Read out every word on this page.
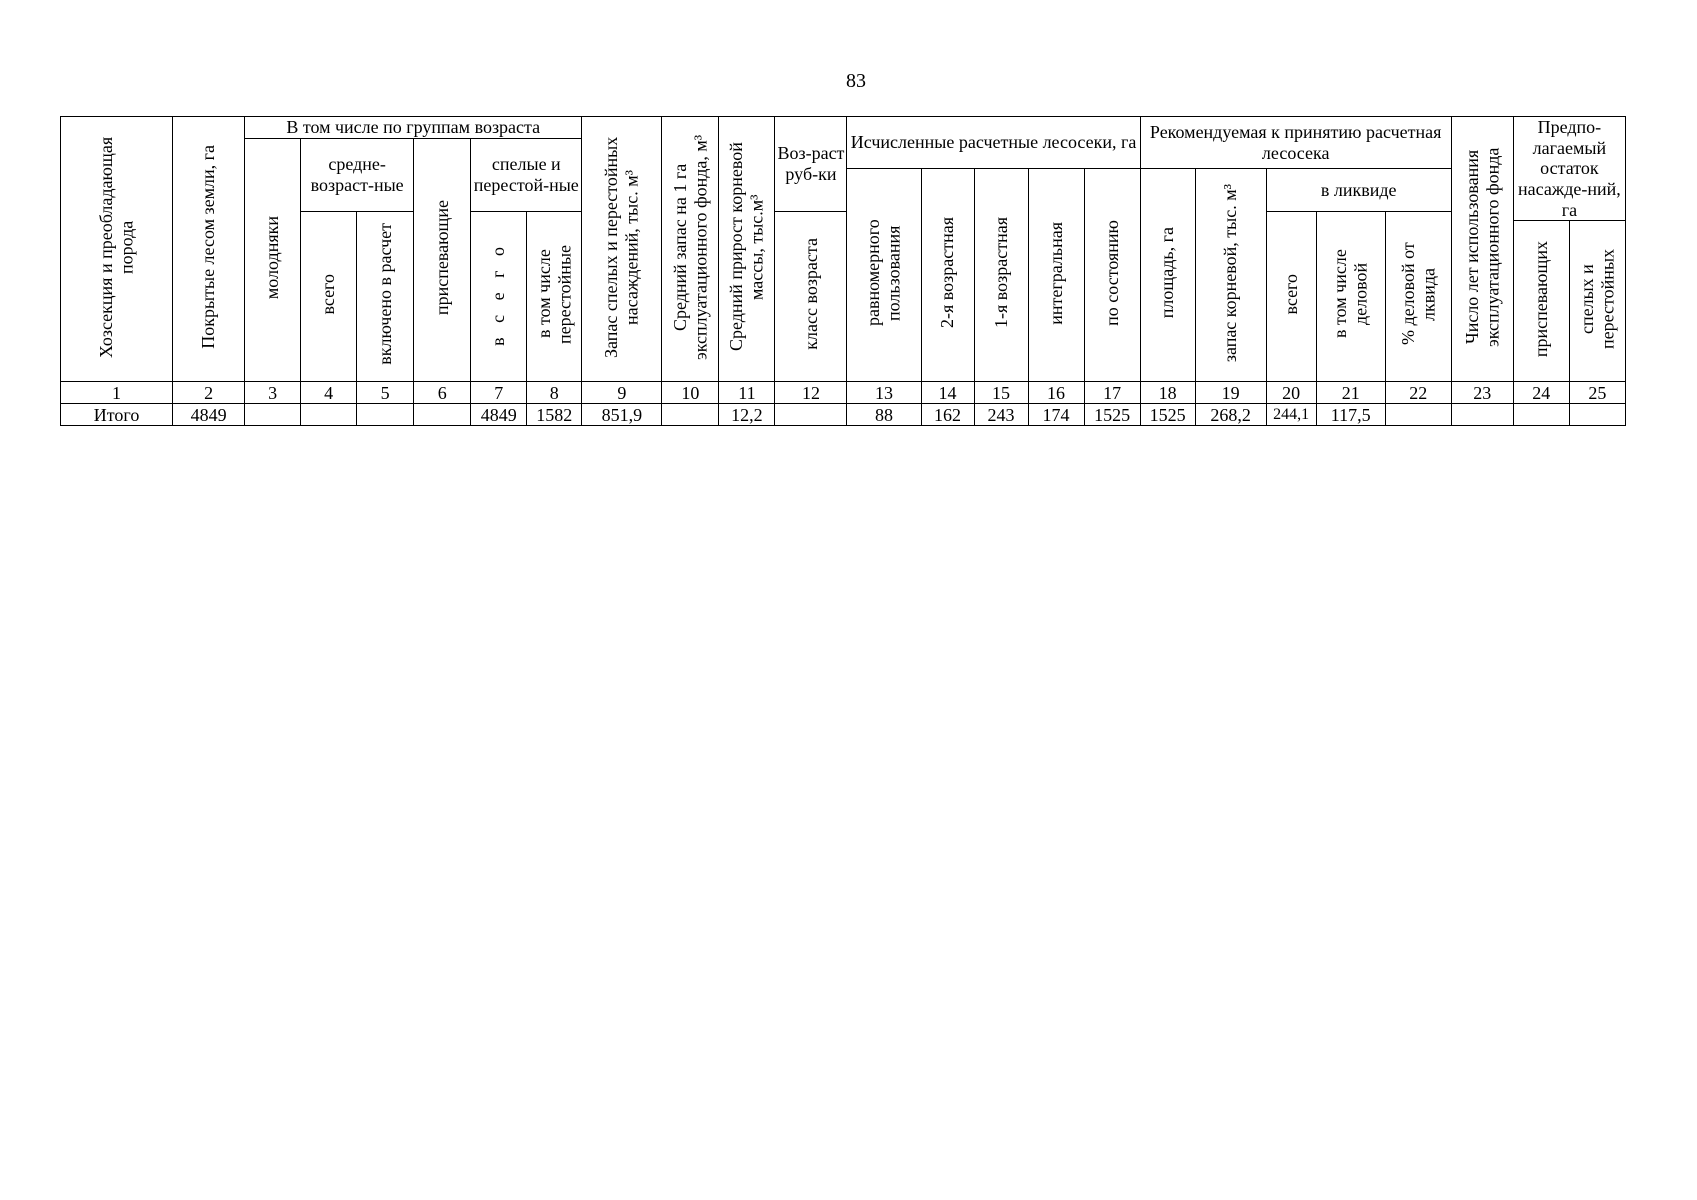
83
Хозсекция и преобладающая порода	Покрытые лесом земли, га	В том числе по группам возраста						Запас спелых и перестойных насаждений, тыс. м³	Средний запас на 1 га эксплуатационного фонда, м³	Средний прирост корневой массы, тыс.м³	Воз-раст руб-ки	Исчисленные расчетные лесосеки, га					Рекомендуемая к принятию расчетная лесосека					Число лет использования эксплуатационного фонда	Предпо-лагаемый остаток насажде-ний, га	
		молодняки	средне-возраст-ные		приспевающие	спелые и перестой-ные																		
												равномерного пользования	2-я возрастная	1-я возрастная	интегральная	по состоянию	площадь, га	запас корневой, тыс. м³	в ликвиде					
			всего	включено в расчет		в с е г о	в том числе перестойные				класс возраста								всего	в том числе деловой	% деловой от лквида			
																							приспевающих	спелых и перестойных
1	2	3	4	5	6	7	8	9	10	11	12	13	14	15	16	17	18	19	20	21	22	23	24	25
Итого	4849					4849	1582	851,9		12,2		88	162	243	174	1525	1525	268,2	244,1	117,5				
